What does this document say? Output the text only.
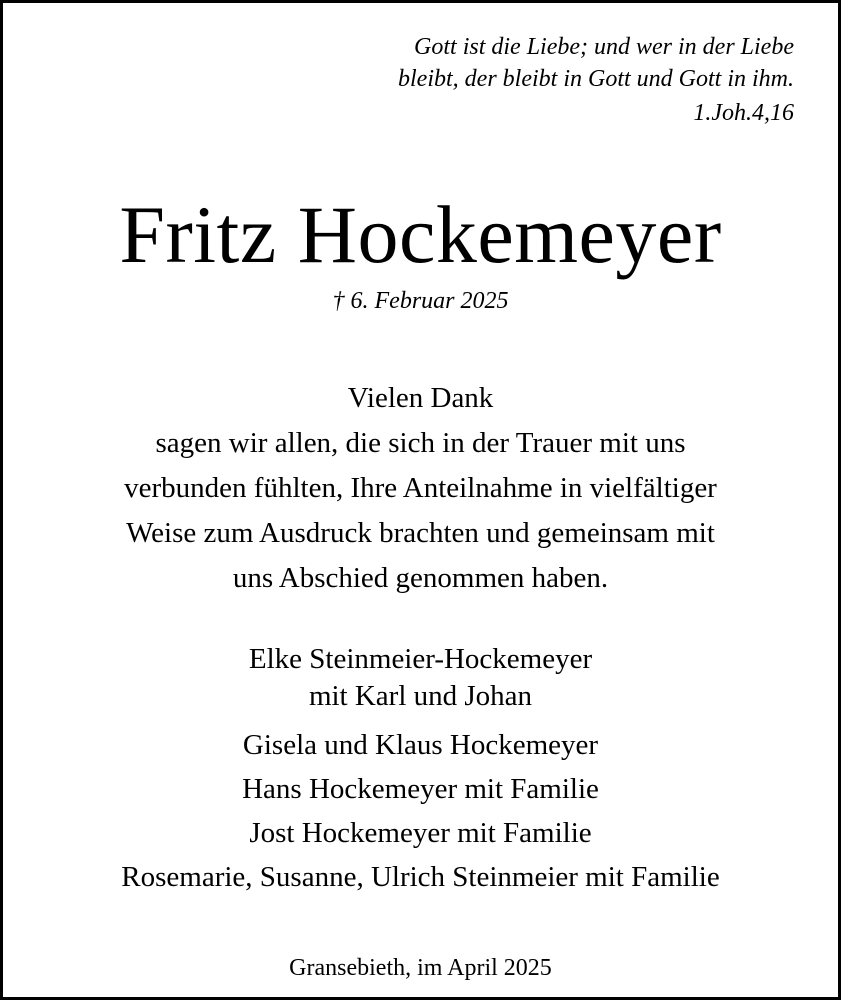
Gott ist die Liebe; und wer in der Liebe
bleibt, der bleibt in Gott und Gott in ihm.
1.Joh.4,16
Fritz Hockemeyer
† 6. Februar 2025
Vielen Dank
sagen wir allen, die sich in der Trauer mit uns
verbunden fühlten, Ihre Anteilnahme in vielfältiger
Weise zum Ausdruck brachten und gemeinsam mit
uns Abschied genommen haben.
Elke Steinmeier-Hockemeyer
mit Karl und Johan
Gisela und Klaus Hockemeyer
Hans Hockemeyer mit Familie
Jost Hockemeyer mit Familie
Rosemarie, Susanne, Ulrich Steinmeier mit Familie
Gransebieth, im April 2025
